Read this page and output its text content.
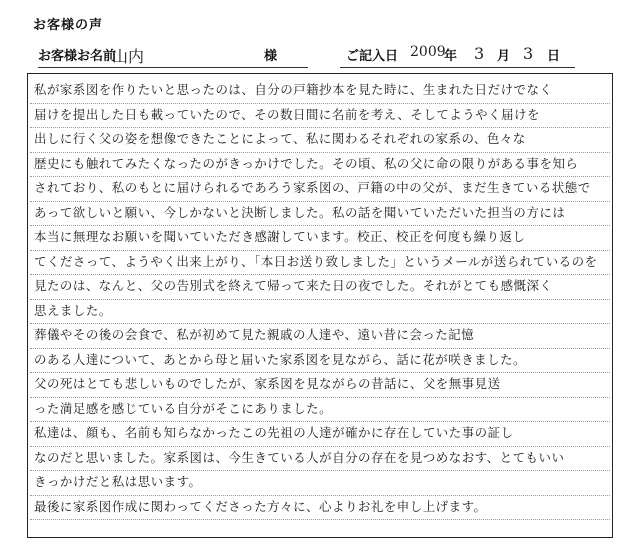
お客様の声
お客様お名前
山内	様	ご記入日 2009
年 3 月 3 日
私が家系図を作りたいと思ったのは、自分の戸籍抄本を見た時に、生まれた日だけでなく
届けを提出した日も載っていたので、その数日間に名前を考え、そしてようやく届けを
出しに行く父の姿を想像できたことによって、私に関わるそれぞれの家系の、色々な
歴史にも触れてみたくなったのがきっかけでした。その頃、私の父に命の限りがある事を知ら
されており、私のもとに届けられるであろう家系図の、戸籍の中の父が、まだ生きている状態で
あって欲しいと願い、今しかないと決断しました。私の話を聞いていただいた担当の方には
本当に無理なお願いを聞いていただき感謝しています。校正、校正を何度も繰り返し
てくださって、ようやく出来上がり、「本日お送り致しました」というメールが送られているのを
見たのは、なんと、父の告別式を終えて帰って来た日の夜でした。それがとても感慨深く
思えました。
葬儀やその後の会食で、私が初めて見た親戚の人達や、遠い昔に会った記憶
のある人達について、あとから母と届いた家系図を見ながら、話に花が咲きました。
父の死はとても悲しいものでしたが、家系図を見ながらの昔話に、父を無事見送
った満足感を感じている自分がそこにありました。
私達は、顔も、名前も知らなかったこの先祖の人達が確かに存在していた事の証し
なのだと思いました。家系図は、今生きている人が自分の存在を見つめなおす、とてもいい
きっかけだと私は思います。
最後に家系図作成に関わってくださった方々に、心よりお礼を申し上げます。
